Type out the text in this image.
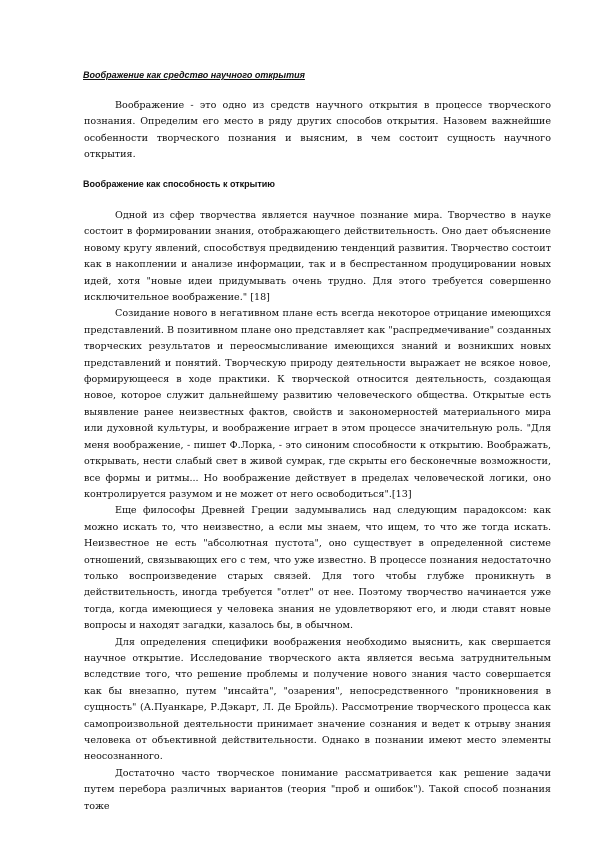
Воображение как средство научного открытия

Воображение - это одно из средств научного открытия в процессе творческого познания. Определим его место в ряду других способов открытия. Назовем важнейшие особенности творческого познания и выясним, в чем состоит сущность научного открытия.

Воображение как способность к открытию

Одной из сфер творчества является научное познание мира. Творчество в науке состоит в формировании знания, отображающего действительность. Оно дает объяснение новому кругу явлений, способствуя предвидению тенденций развития. Творчество состоит как в накоплении и анализе информации, так и в беспрестанном продуцировании новых идей, хотя "новые идеи придумывать очень трудно. Для этого требуется совершенно исключительное воображение." [18]

Созидание нового в негативном плане есть всегда некоторое отрицание имеющихся представлений. В позитивном плане оно представляет как "распредмечивание" созданных творческих результатов и переосмысливание имеющихся знаний и возникших новых представлений и понятий. Творческую природу деятельности выражает не всякое новое, формирующееся в ходе практики. К творческой относится деятельность, создающая новое, которое служит дальнейшему развитию человеческого общества. Открытые есть выявление ранее неизвестных фактов, свойств и закономерностей материального мира или духовной культуры, и воображение играет в этом процессе значительную роль. "Для меня воображение, - пишет Ф.Лорка, - это синоним способности к открытию. Воображать, открывать, нести слабый свет в живой сумрак, где скрыты его бесконечные возможности, все формы и ритмы... Но воображение действует в пределах человеческой логики, оно контролируется разумом и не может от него освободиться".[13]

Еще философы Древней Греции задумывались над следующим парадоксом: как можно искать то, что неизвестно, а если мы знаем, что ищем, то что же тогда искать. Неизвестное не есть "абсолютная пустота", оно существует в определенной системе отношений, связывающих его с тем, что уже известно. В процессе познания недостаточно только воспроизведение старых связей. Для того чтобы глубже проникнуть в действительность, иногда требуется "отлет" от нее. Поэтому творчество начинается уже тогда, когда имеющиеся у человека знания не удовлетворяют его, и люди ставят новые вопросы и находят загадки, казалось бы, в обычном.

Для определения специфики воображения необходимо выяснить, как свершается научное открытие. Исследование творческого акта является весьма затруднительным вследствие того, что решение проблемы и получение нового знания часто совершается как бы внезапно, путем "инсайта", "озарения", непосредственного "проникновения в сущность" (А.Пуанкаре, Р.Дэкарт, Л. Де Бройль). Рассмотрение творческого процесса как самопроизвольной деятельности принимает значение сознания и ведет к отрыву знания человека от объективной действительности. Однако в познании имеют место элементы неосознанного.

Достаточно часто творческое понимание рассматривается как решение задачи путем перебора различных вариантов (теория "проб и ошибок"). Такой способ познания тоже
